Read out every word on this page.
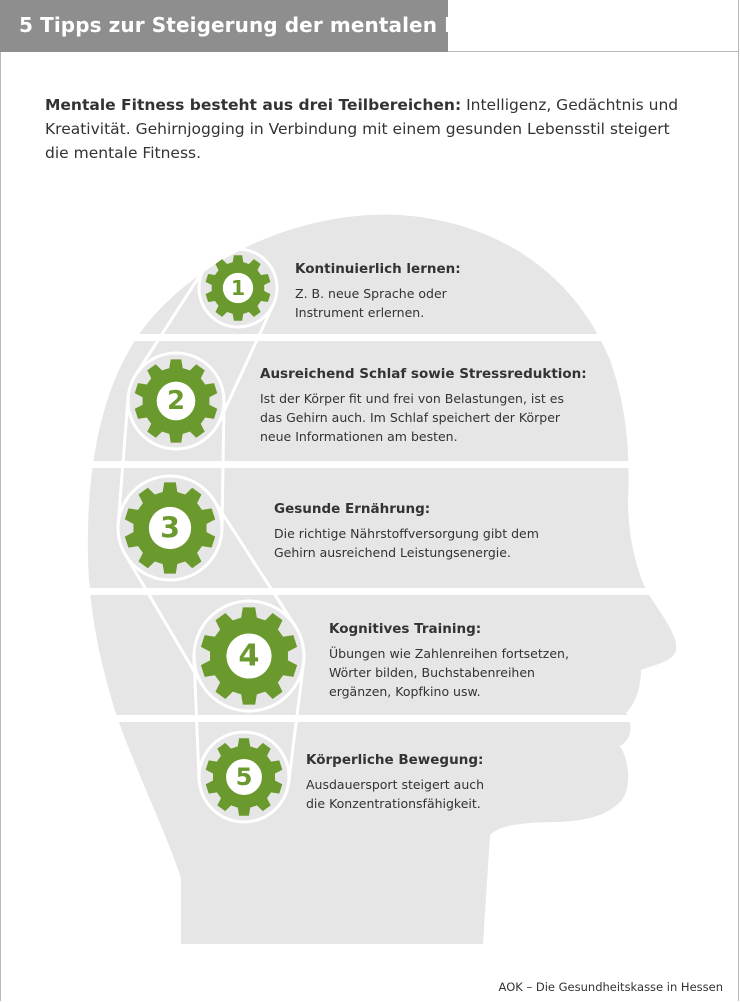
5 Tipps zur Steigerung der mentalen Fitness
Mentale Fitness besteht aus drei Teilbereichen: Intelligenz, Gedächtnis und
Kreativität. Gehirnjogging in Verbindung mit einem gesunden Lebensstil steigert
die mentale Fitness.
1
2
3
4
5
Kontinuierlich lernen:
Z. B. neue Sprache oder
Instrument erlernen.
Ausreichend Schlaf sowie Stressreduktion:
Ist der Körper fit und frei von Belastungen, ist es
das Gehirn auch. Im Schlaf speichert der Körper
neue Informationen am besten.
Gesunde Ernährung:
Die richtige Nährstoffversorgung gibt dem
Gehirn ausreichend Leistungsenergie.
Kognitives Training:
Übungen wie Zahlenreihen fortsetzen,
Wörter bilden, Buchstabenreihen
ergänzen, Kopfkino usw.
Körperliche Bewegung:
Ausdauersport steigert auch
die Konzentrationsfähigkeit.
AOK – Die Gesundheitskasse in Hessen
